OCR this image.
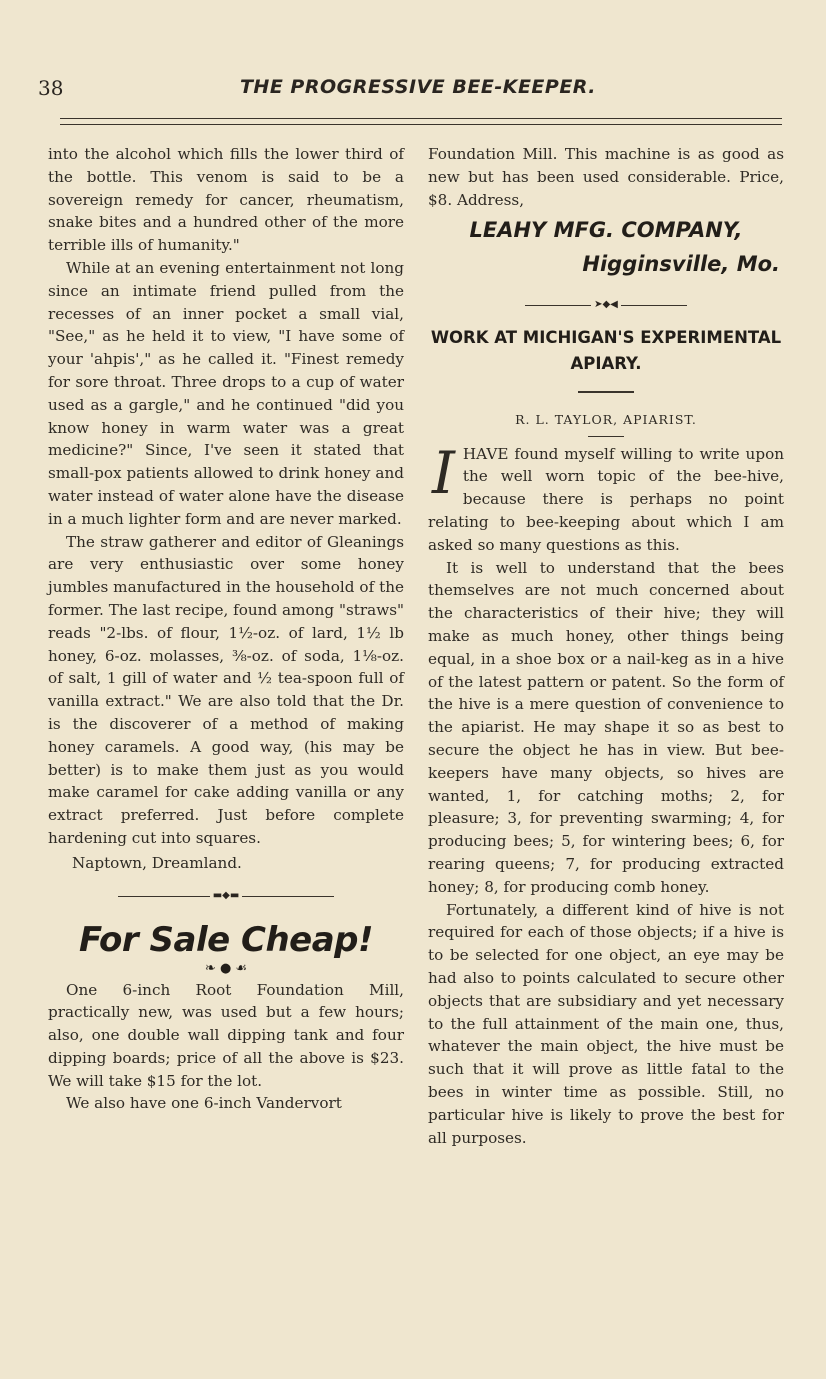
38	THE PROGRESSIVE BEE-KEEPER.

into the alcohol which fills the lower third of the bottle. This venom is said to be a sovereign remedy for cancer, rheumatism, snake bites and a hundred other of the more terrible ills of humanity."

While at an evening entertainment not long since an intimate friend pulled from the recesses of an inner pocket a small vial, "See," as he held it to view, "I have some of your 'ahpis'," as he called it. "Finest remedy for sore throat. Three drops to a cup of water used as a gargle," and he continued "did you know honey in warm water was a great medicine?" Since, I've seen it stated that small-pox patients allowed to drink honey and water instead of water alone have the disease in a much lighter form and are never marked.

The straw gatherer and editor of Gleanings are very enthusiastic over some honey jumbles manufactured in the household of the former. The last recipe, found among "straws" reads "2-lbs. of flour, 1½-oz. of lard, 1½ lb honey, 6-oz. molasses, ⅜-oz. of soda, 1⅛-oz. of salt, 1 gill of water and ½ tea-spoon full of vanilla extract." We are also told that the Dr. is the discoverer of a method of making honey caramels. A good way, (his may be better) is to make them just as you would make caramel for cake adding vanilla or any extract preferred. Just before complete hardening cut into squares.

Naptown, Dreamland.

▬◆▬
For Sale Cheap!
❧ ● ☙

One 6-inch Root Foundation Mill, practically new, was used but a few hours; also, one double wall dipping tank and four dipping boards; price of all the above is $23. We will take $15 for the lot.

We also have one 6-inch Vandervort

Foundation Mill. This machine is as good as new but has been used considerable. Price, $8. Address,

LEAHY MFG. COMPANY,
Higginsville, Mo.
➤◆◀
WORK AT MICHIGAN'S EXPERIMENTAL APIARY.
R. L. TAYLOR, APIARIST.

I HAVE found myself willing to write upon the well worn topic of the bee-hive, because there is perhaps no point relating to bee-keeping about which I am asked so many questions as this.

It is well to understand that the bees themselves are not much concerned about the characteristics of their hive; they will make as much honey, other things being equal, in a shoe box or a nail-keg as in a hive of the latest pattern or patent. So the form of the hive is a mere question of convenience to the apiarist. He may shape it so as best to secure the object he has in view. But bee-keepers have many objects, so hives are wanted, 1, for catching moths; 2, for pleasure; 3, for preventing swarming; 4, for producing bees; 5, for wintering bees; 6, for rearing queens; 7, for producing extracted honey; 8, for producing comb honey.

Fortunately, a different kind of hive is not required for each of those objects; if a hive is to be selected for one object, an eye may be had also to points calculated to secure other objects that are subsidiary and yet necessary to the full attainment of the main one, thus, whatever the main object, the hive must be such that it will prove as little fatal to the bees in winter time as possible. Still, no particular hive is likely to prove the best for all purposes.
